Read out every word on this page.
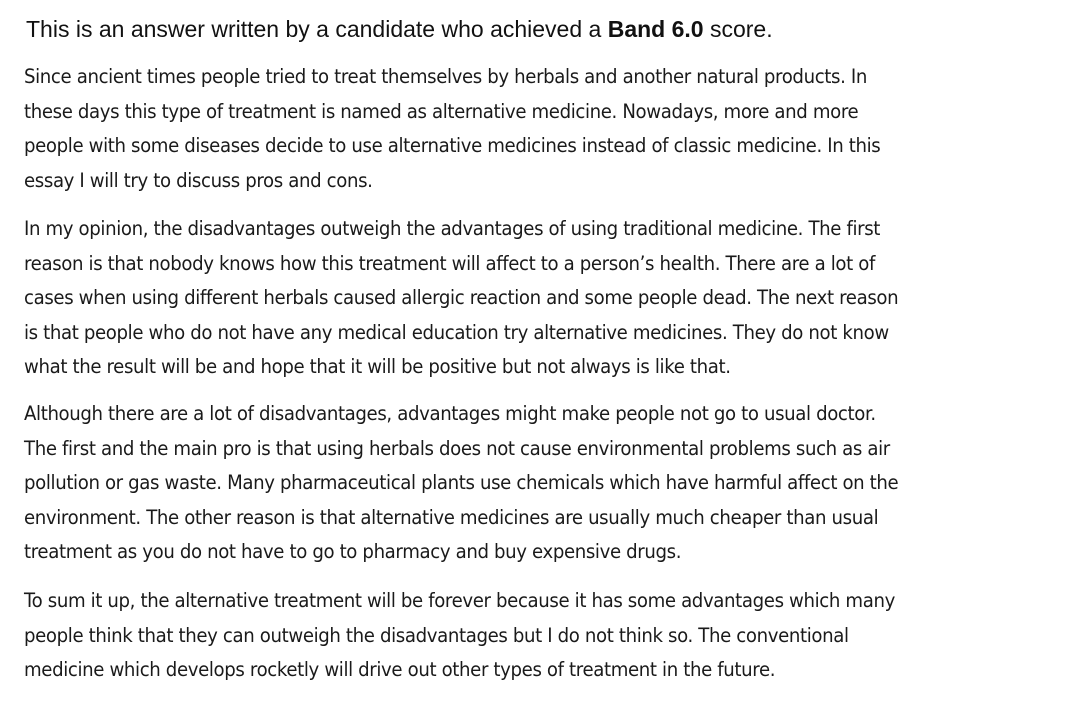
This is an answer written by a candidate who achieved a Band 6.0 score.

Since ancient times people tried to treat themselves by herbals and another natural products. In
these days this type of treatment is named as alternative medicine. Nowadays, more and more
people with some diseases decide to use alternative medicines instead of classic medicine. In this
essay I will try to discuss pros and cons.
In my opinion, the disadvantages outweigh the advantages of using traditional medicine. The first
reason is that nobody knows how this treatment will affect to a person’s health. There are a lot of
cases when using different herbals caused allergic reaction and some people dead. The next reason
is that people who do not have any medical education try alternative medicines. They do not know
what the result will be and hope that it will be positive but not always is like that.
Although there are a lot of disadvantages, advantages might make people not go to usual doctor.
The first and the main pro is that using herbals does not cause environmental problems such as air
pollution or gas waste. Many pharmaceutical plants use chemicals which have harmful affect on the
environment. The other reason is that alternative medicines are usually much cheaper than usual
treatment as you do not have to go to pharmacy and buy expensive drugs.
To sum it up, the alternative treatment will be forever because it has some advantages which many
people think that they can outweigh the disadvantages but I do not think so. The conventional
medicine which develops rocketly will drive out other types of treatment in the future.
